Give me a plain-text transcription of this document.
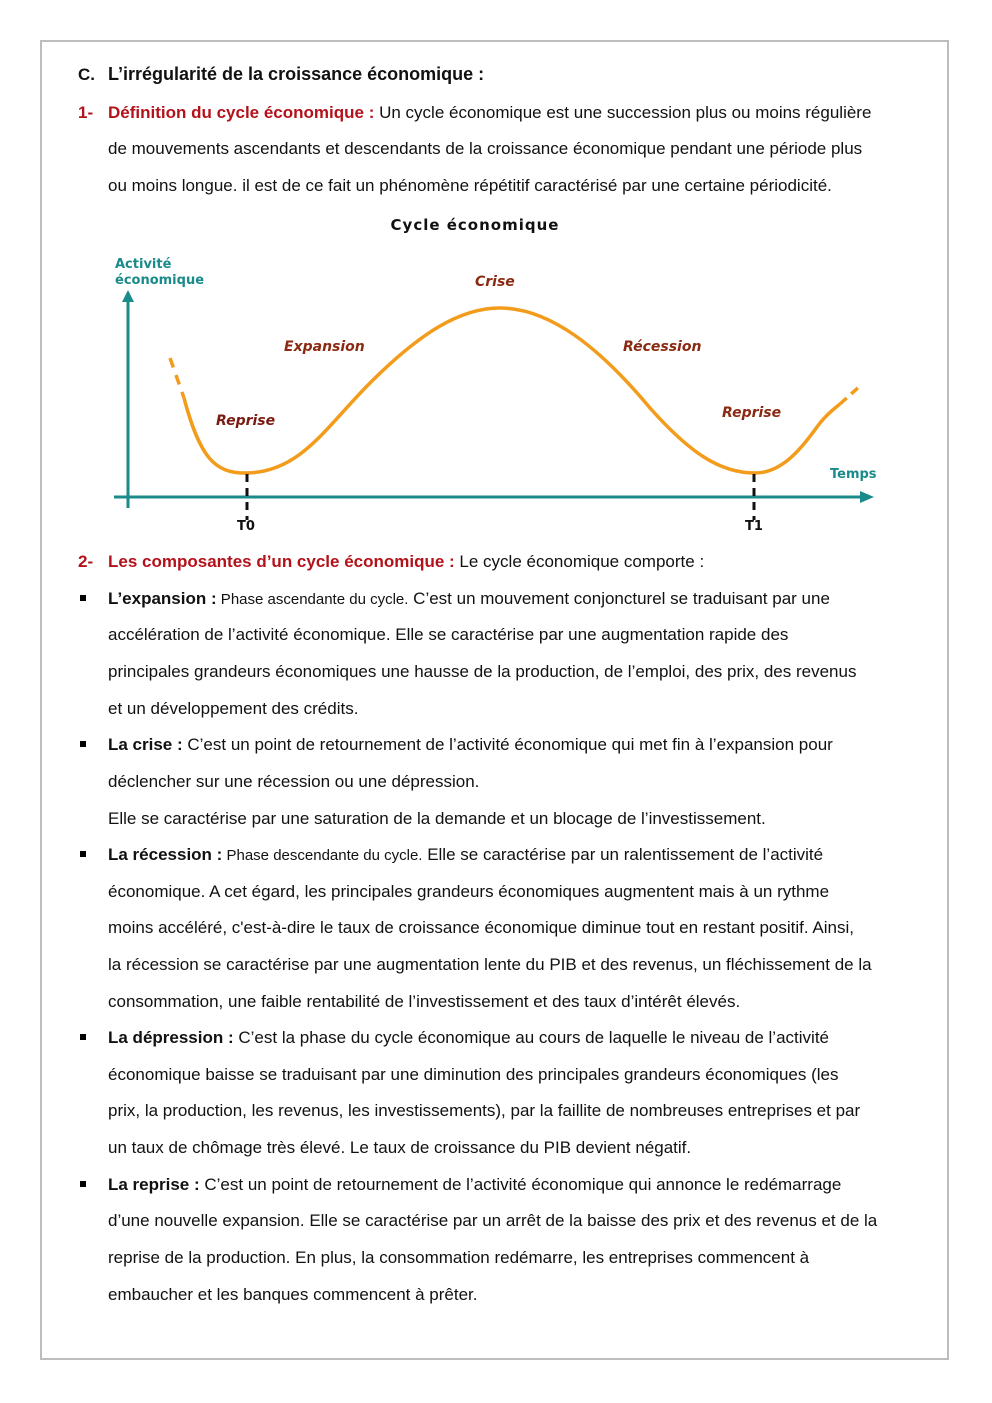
C. L’irrégularité de la croissance économique :
1- Définition du cycle économique : Un cycle économique est une succession plus ou moins régulière
de mouvements ascendants et descendants de la croissance économique pendant une période plus
ou moins longue. il est de ce fait un phénomène répétitif caractérisé par une certaine périodicité.
Cycle économique
Activité
économique
Temps
T0	T1
Reprise
Expansion
Crise
Récession
Reprise
2- Les composantes d’un cycle économique : Le cycle économique comporte :
L’expansion : Phase ascendante du cycle. C’est un mouvement conjoncturel se traduisant par une
accélération de l’activité économique. Elle se caractérise par une augmentation rapide des
principales grandeurs économiques une hausse de la production, de l’emploi, des prix, des revenus
et un développement des crédits.
La crise : C’est un point de retournement de l’activité économique qui met fin à l’expansion pour
déclencher sur une récession ou une dépression.
Elle se caractérise par une saturation de la demande et un blocage de l’investissement.
La récession : Phase descendante du cycle. Elle se caractérise par un ralentissement de l’activité
économique. A cet égard, les principales grandeurs économiques augmentent mais à un rythme
moins accéléré, c'est-à-dire le taux de croissance économique diminue tout en restant positif. Ainsi,
la récession se caractérise par une augmentation lente du PIB et des revenus, un fléchissement de la
consommation, une faible rentabilité de l’investissement et des taux d’intérêt élevés.
La dépression : C’est la phase du cycle économique au cours de laquelle le niveau de l’activité
économique baisse se traduisant par une diminution des principales grandeurs économiques (les
prix, la production, les revenus, les investissements), par la faillite de nombreuses entreprises et par
un taux de chômage très élevé. Le taux de croissance du PIB devient négatif.
La reprise : C’est un point de retournement de l’activité économique qui annonce le redémarrage
d’une nouvelle expansion. Elle se caractérise par un arrêt de la baisse des prix et des revenus et de la
reprise de la production. En plus, la consommation redémarre, les entreprises commencent à
embaucher et les banques commencent à prêter.
